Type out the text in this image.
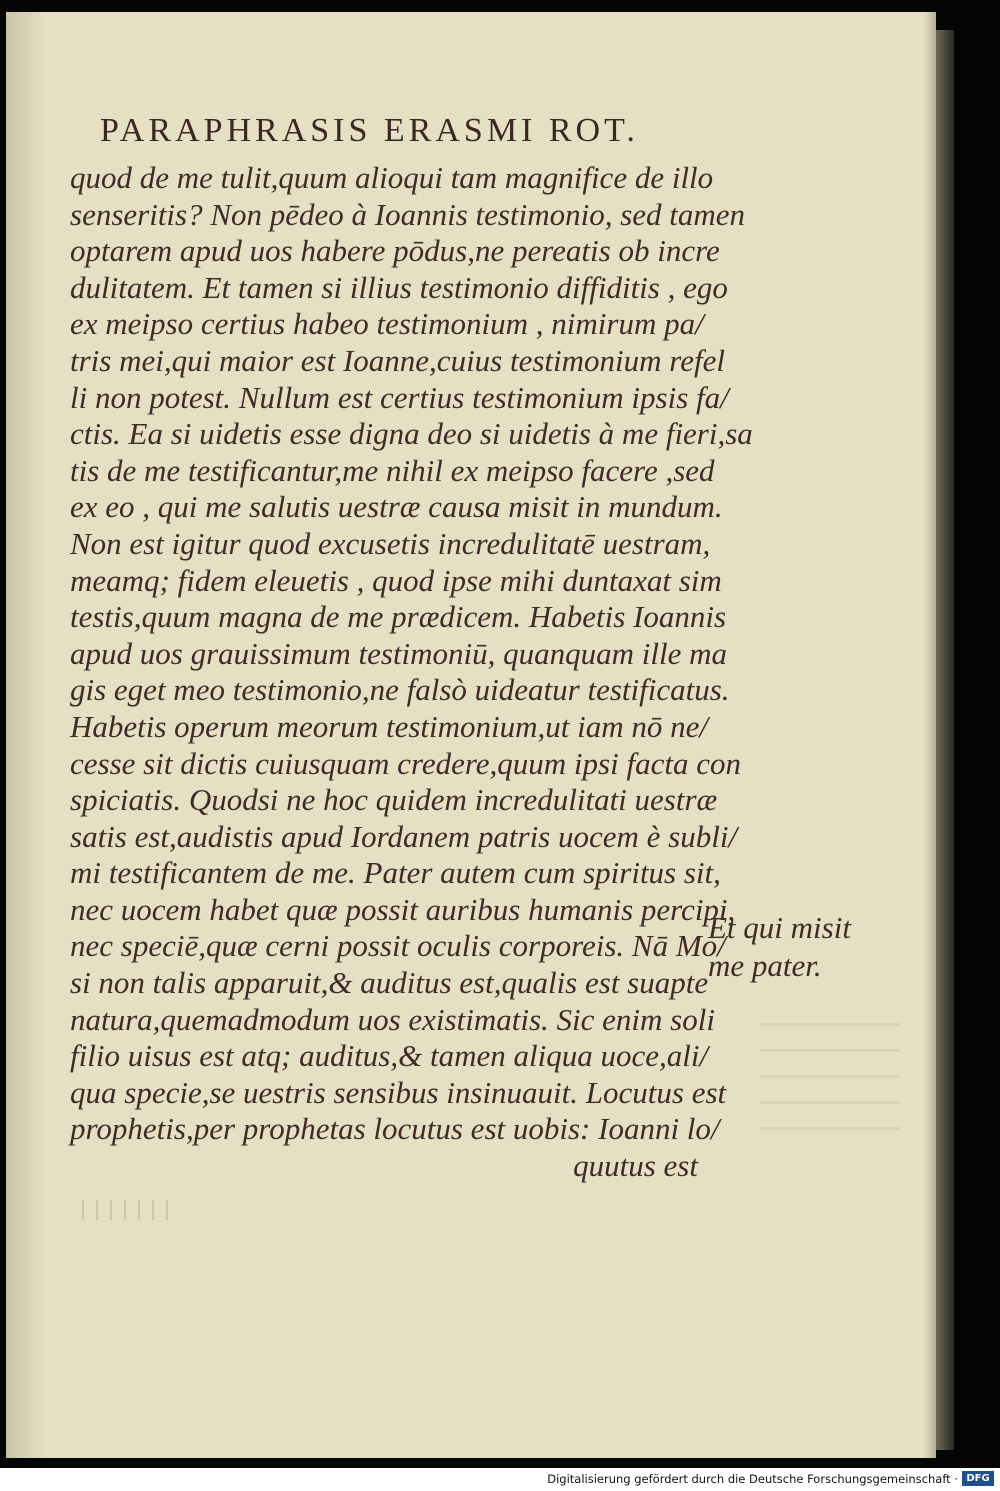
PARAPHRASIS ERASMI ROT.
quod de me tulit,quum alioqui tam magnifice de illo
senseritis? Non pēdeo à Ioannis testimonio, sed tamen
optarem apud uos habere pōdus,ne pereatis ob incre
dulitatem. Et tamen si illius testimonio diffiditis , ego
ex meipso certius habeo testimonium , nimirum pa/
tris mei,qui maior est Ioanne,cuius testimonium refel
li non potest. Nullum est certius testimonium ipsis fa/
ctis. Ea si uidetis esse digna deo si uidetis à me fieri,sa
tis de me testificantur,me nihil ex meipso facere ,sed
ex eo , qui me salutis uestræ causa misit in mundum.
Non est igitur quod excusetis incredulitatē uestram,
meamq; fidem eleuetis , quod ipse mihi duntaxat sim
testis,quum magna de me prædicem. Habetis Ioannis
apud uos grauissimum testimoniū, quanquam ille ma
gis eget meo testimonio,ne falsò uideatur testificatus.
Habetis operum meorum testimonium,ut iam nō ne/
cesse sit dictis cuiusquam credere,quum ipsi facta con
spiciatis. Quodsi ne hoc quidem incredulitati uestræ
satis est,audistis apud Iordanem patris uocem è subli/
mi testificantem de me. Pater autem cum spiritus sit,
nec uocem habet quæ possit auribus humanis percipi,
nec speciē,quæ cerni possit oculis corporeis. Nā Mo/
si non talis apparuit,& auditus est,qualis est suapte
natura,quemadmodum uos existimatis. Sic enim soli
filio uisus est atq; auditus,& tamen aliqua uoce,ali/
qua specie,se uestris sensibus insinuauit. Locutus est
prophetis,per prophetas locutus est uobis: Ioanni lo/
quutus est
Et qui misit
me pater.
Digitalisierung gefördert durch die Deutsche Forschungsgemeinschaft · DFG
